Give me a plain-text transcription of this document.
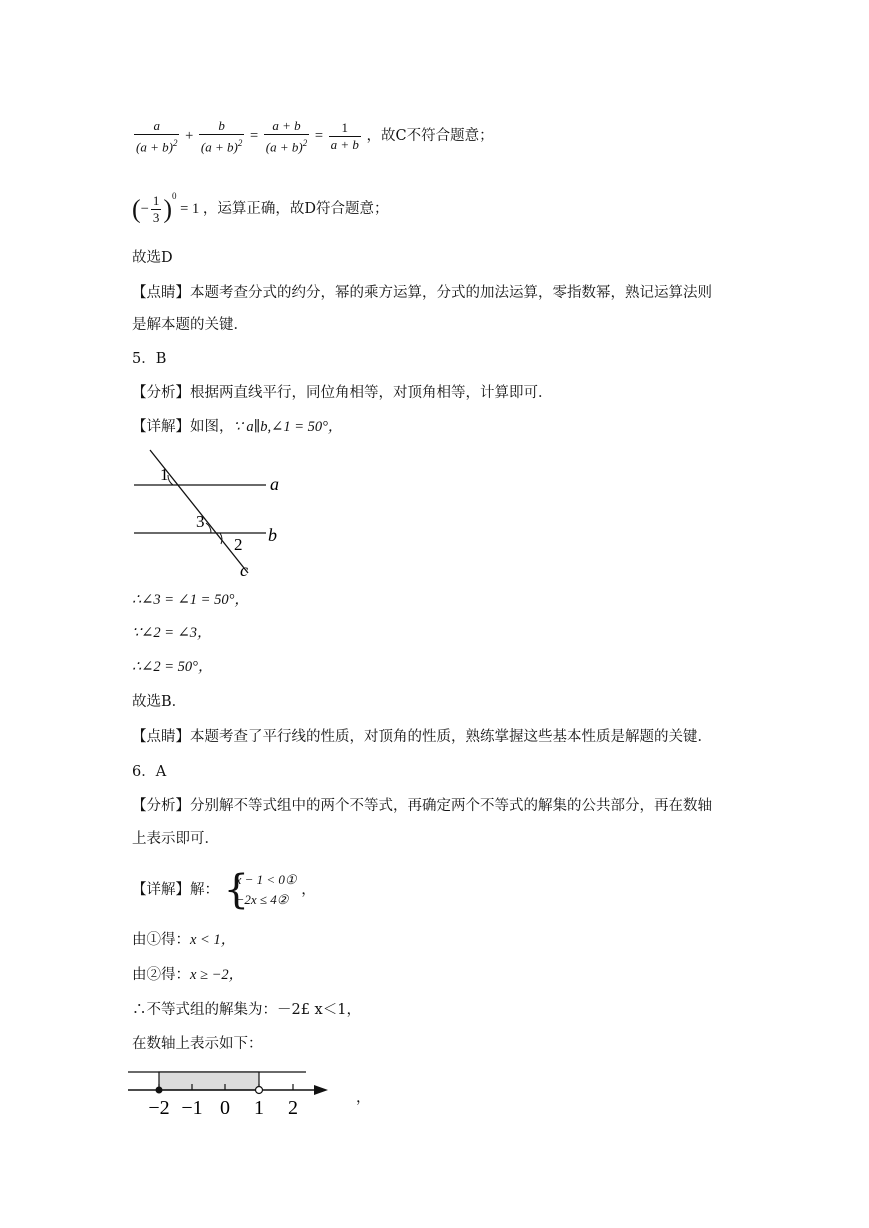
$\frac{a}{(a + b)^2} + \frac{b}{(a + b)^2} = \frac{a + b}{(a + b)^2} = \frac{1}{a + b}$ ，故C不符合题意；
(− $\frac{1}{3} )^0 = 1$ ，运算正确，故D符合题意；
故选D
【点睛】本题考查分式的约分，幂的乘方运算，分式的加法运算，零指数幂，熟记运算法则
是解本题的关键．
5．B
【分析】根据两直线平行，同位角相等，对顶角相等，计算即可．
【详解】如图，∵ a∥b,∠1 = 50°，
1
3
2
a
b
c
∴∠3 = ∠1 = 50°，
∵∠2 = ∠3，
∴∠2 = 50°，
故选B．
【点睛】本题考查了平行线的性质，对顶角的性质，熟练掌握这些基本性质是解题的关键．
6．A
【分析】分别解不等式组中的两个不等式，再确定两个不等式的解集的公共部分，再在数轴
上表示即可．
【详解】解： {
x − 1 < 0①
−2x ≤ 4②
，
由①得：x < 1，
由②得：x ≥ −2，
∴不等式组的解集为：－2£ x＜1，
在数轴上表示如下：
−2 −1 0 1 2	，
